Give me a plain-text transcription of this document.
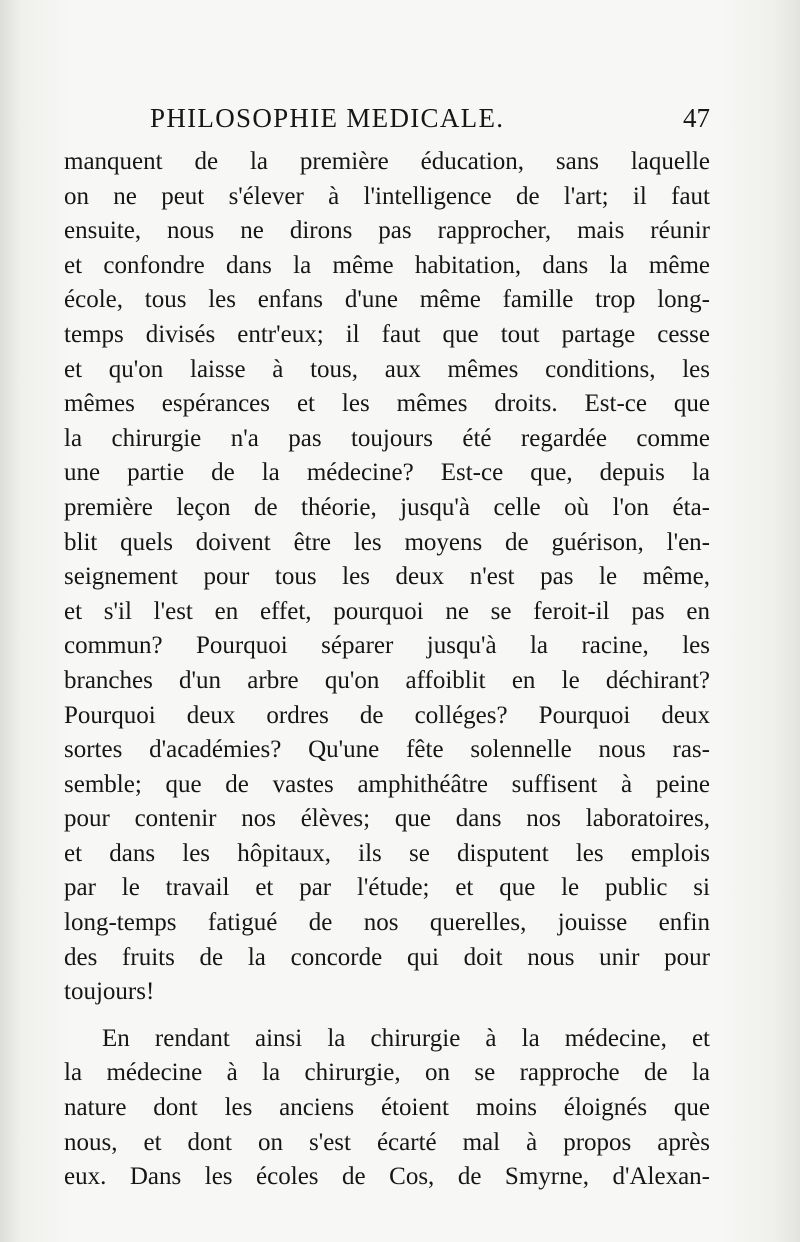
PHILOSOPHIE MEDICALE.	47
manquent de la première éducation, sans laquelle
on ne peut s'élever à l'intelligence de l'art; il faut
ensuite, nous ne dirons pas rapprocher, mais réunir
et confondre dans la même habitation, dans la même
école, tous les enfans d'une même famille trop long-
temps divisés entr'eux; il faut que tout partage cesse
et qu'on laisse à tous, aux mêmes conditions, les
mêmes espérances et les mêmes droits. Est-ce que
la chirurgie n'a pas toujours été regardée comme
une partie de la médecine? Est-ce que, depuis la
première leçon de théorie, jusqu'à celle où l'on éta-
blit quels doivent être les moyens de guérison, l'en-
seignement pour tous les deux n'est pas le même,
et s'il l'est en effet, pourquoi ne se feroit-il pas en
commun? Pourquoi séparer jusqu'à la racine, les
branches d'un arbre qu'on affoiblit en le déchirant?
Pourquoi deux ordres de colléges? Pourquoi deux
sortes d'académies? Qu'une fête solennelle nous ras-
semble; que de vastes amphithéâtre suffisent à peine
pour contenir nos élèves; que dans nos laboratoires,
et dans les hôpitaux, ils se disputent les emplois
par le travail et par l'étude; et que le public si
long-temps fatigué de nos querelles, jouisse enfin
des fruits de la concorde qui doit nous unir pour
toujours!
En rendant ainsi la chirurgie à la médecine, et
la médecine à la chirurgie, on se rapproche de la
nature dont les anciens étoient moins éloignés que
nous, et dont on s'est écarté mal à propos après
eux. Dans les écoles de Cos, de Smyrne, d'Alexan-
